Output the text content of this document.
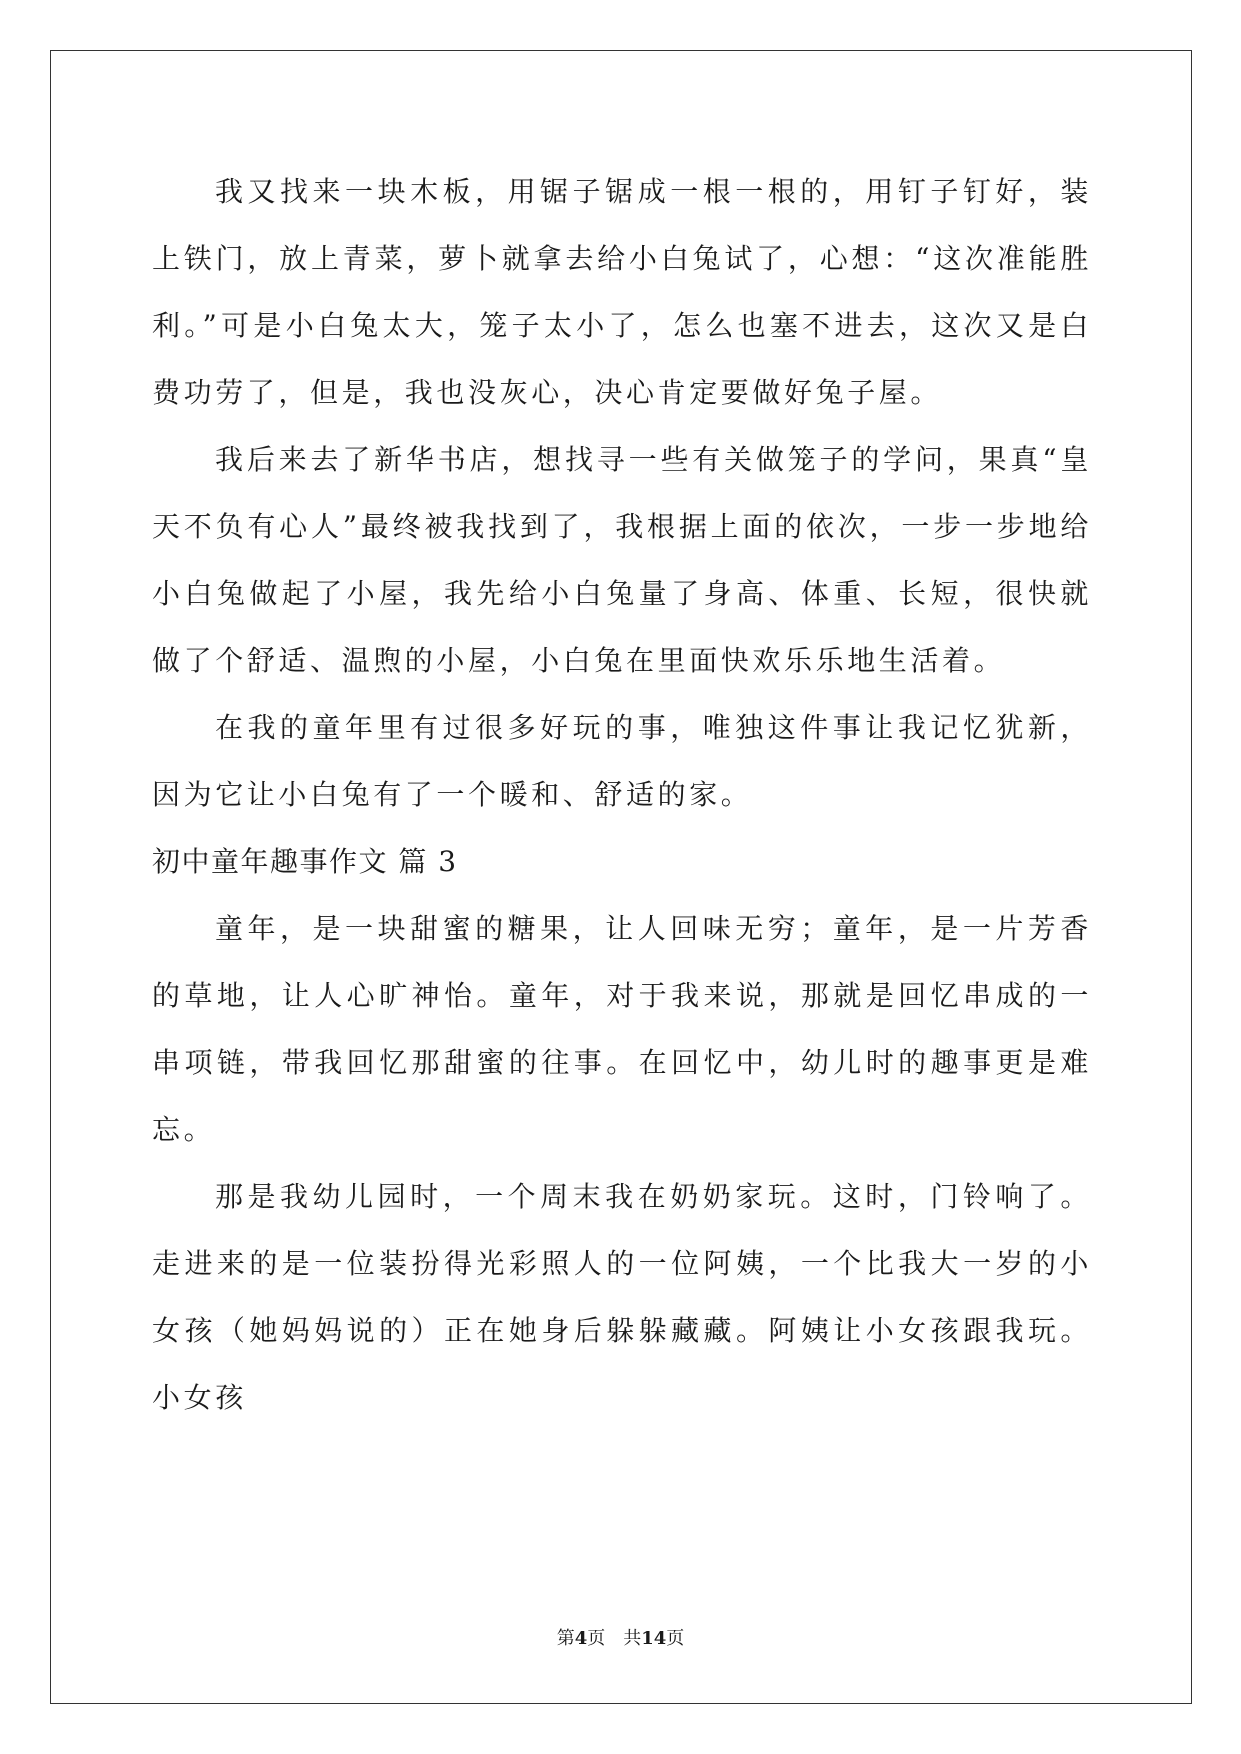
我又找来一块木板，用锯子锯成一根一根的，用钉子钉好，装上铁门，放上青菜，萝卜就拿去给小白兔试了，心想：“这次准能胜利。”可是小白兔太大，笼子太小了，怎么也塞不进去，这次又是白费功劳了，但是，我也没灰心，决心肯定要做好兔子屋。

我后来去了新华书店，想找寻一些有关做笼子的学问，果真“皇天不负有心人”最终被我找到了，我根据上面的依次，一步一步地给小白兔做起了小屋，我先给小白兔量了身高、体重、长短，很快就做了个舒适、温煦的小屋，小白兔在里面快欢乐乐地生活着。

在我的童年里有过很多好玩的事，唯独这件事让我记忆犹新，因为它让小白兔有了一个暖和、舒适的家。

初中童年趣事作文 篇 3

童年，是一块甜蜜的糖果，让人回味无穷；童年，是一片芳香的草地，让人心旷神怡。童年，对于我来说，那就是回忆串成的一串项链，带我回忆那甜蜜的往事。在回忆中，幼儿时的趣事更是难忘。

那是我幼儿园时，一个周末我在奶奶家玩。这时，门铃响了。走进来的是一位装扮得光彩照人的一位阿姨，一个比我大一岁的小女孩（她妈妈说的）正在她身后躲躲藏藏。阿姨让小女孩跟我玩。小女孩

第4页 共14页
